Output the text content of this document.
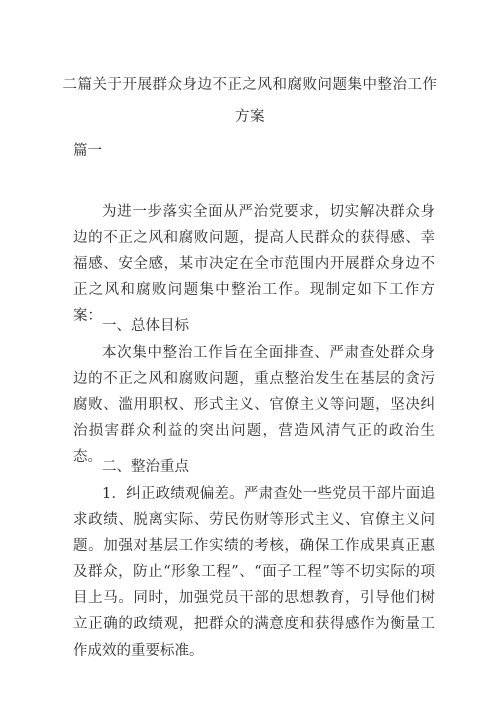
二篇关于开展群众身边不正之风和腐败问题集中整治工作
方案
篇一

为进一步落实全面从严治党要求，切实解决群众身边的不正之风和腐败问题，提高人民群众的获得感、幸福感、安全感，某市决定在全市范围内开展群众身边不正之风和腐败问题集中整治工作。现制定如下工作方案：

一、总体目标

本次集中整治工作旨在全面排查、严肃查处群众身边的不正之风和腐败问题，重点整治发生在基层的贪污腐败、滥用职权、形式主义、官僚主义等问题，坚决纠治损害群众利益的突出问题，营造风清气正的政治生态。

二、整治重点

1．纠正政绩观偏差。严肃查处一些党员干部片面追求政绩、脱离实际、劳民伤财等形式主义、官僚主义问题。加强对基层工作实绩的考核，确保工作成果真正惠及群众，防止“形象工程”、“面子工程”等不切实际的项目上马。同时，加强党员干部的思想教育，引导他们树立正确的政绩观，把群众的满意度和获得感作为衡量工作成效的重要标准。
